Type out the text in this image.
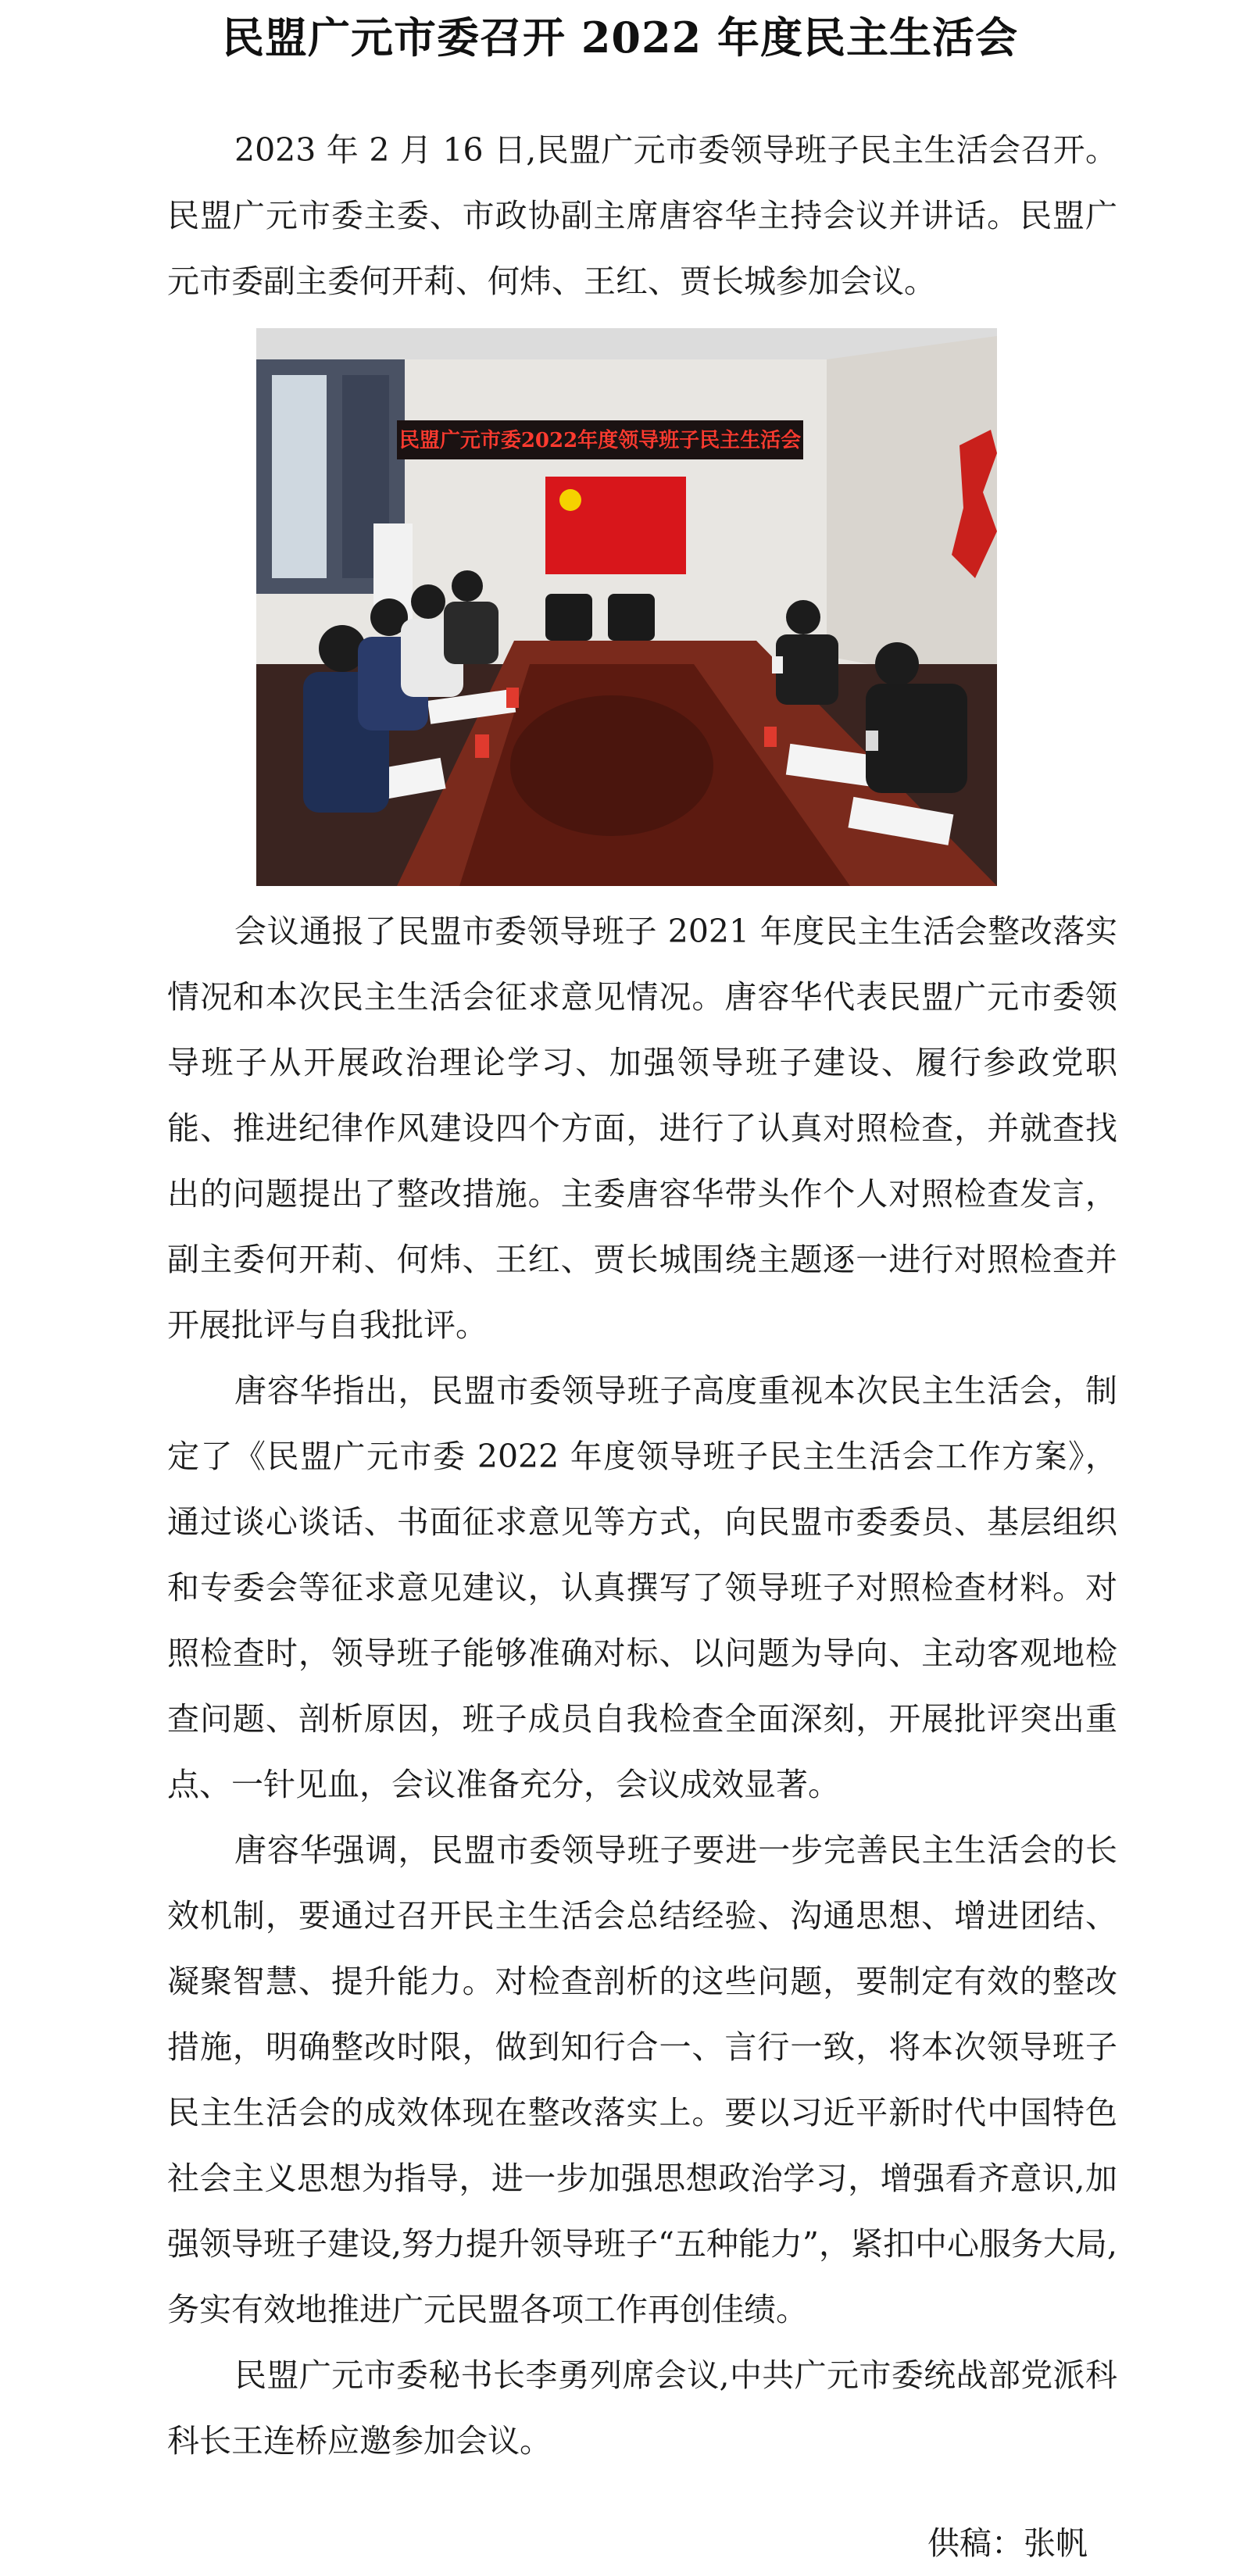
民盟广元市委召开 2022 年度民主生活会

2023 年 2 月 16 日,民盟广元市委领导班子民主生活会召开。民盟广元市委主委、市政协副主席唐容华主持会议并讲话。民盟广元市委副主委何开莉、何炜、王红、贾长城参加会议。

民盟广元市委2022年度领导班子民主生活会

会议通报了民盟市委领导班子 2021 年度民主生活会整改落实情况和本次民主生活会征求意见情况。唐容华代表民盟广元市委领导班子从开展政治理论学习、加强领导班子建设、履行参政党职能、推进纪律作风建设四个方面，进行了认真对照检查，并就查找出的问题提出了整改措施。主委唐容华带头作个人对照检查发言，副主委何开莉、何炜、王红、贾长城围绕主题逐一进行对照检查并开展批评与自我批评。

唐容华指出，民盟市委领导班子高度重视本次民主生活会，制定了《民盟广元市委 2022 年度领导班子民主生活会工作方案》，通过谈心谈话、书面征求意见等方式，向民盟市委委员、基层组织和专委会等征求意见建议，认真撰写了领导班子对照检查材料。对照检查时，领导班子能够准确对标、以问题为导向、主动客观地检查问题、剖析原因，班子成员自我检查全面深刻，开展批评突出重点、一针见血，会议准备充分，会议成效显著。

唐容华强调，民盟市委领导班子要进一步完善民主生活会的长效机制，要通过召开民主生活会总结经验、沟通思想、增进团结、凝聚智慧、提升能力。对检查剖析的这些问题，要制定有效的整改措施，明确整改时限，做到知行合一、言行一致，将本次领导班子民主生活会的成效体现在整改落实上。要以习近平新时代中国特色社会主义思想为指导，进一步加强思想政治学习，增强看齐意识,加强领导班子建设,努力提升领导班子“五种能力”，紧扣中心服务大局,务实有效地推进广元民盟各项工作再创佳绩。

民盟广元市委秘书长李勇列席会议,中共广元市委统战部党派科科长王连桥应邀参加会议。

供稿：张帆
